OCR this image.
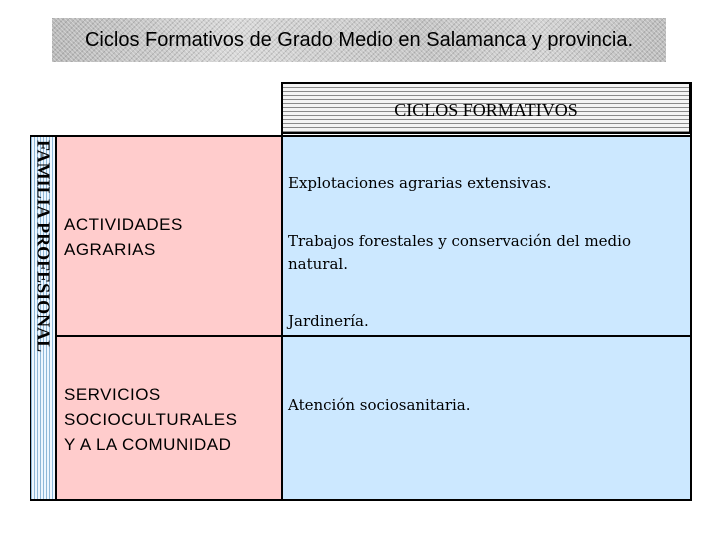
Ciclos Formativos de Grado Medio en Salamanca y provincia.
CICLOS FORMATIVOS
FAMILIA PROFESIONAL ACTIVIDADES
AGRARIAS
Explotaciones agrarias extensivas.
Trabajos forestales y conservación del medio
natural.
Jardinería.
SERVICIOS
SOCIOCULTURALES
Y A LA COMUNIDAD
Atención sociosanitaria.
